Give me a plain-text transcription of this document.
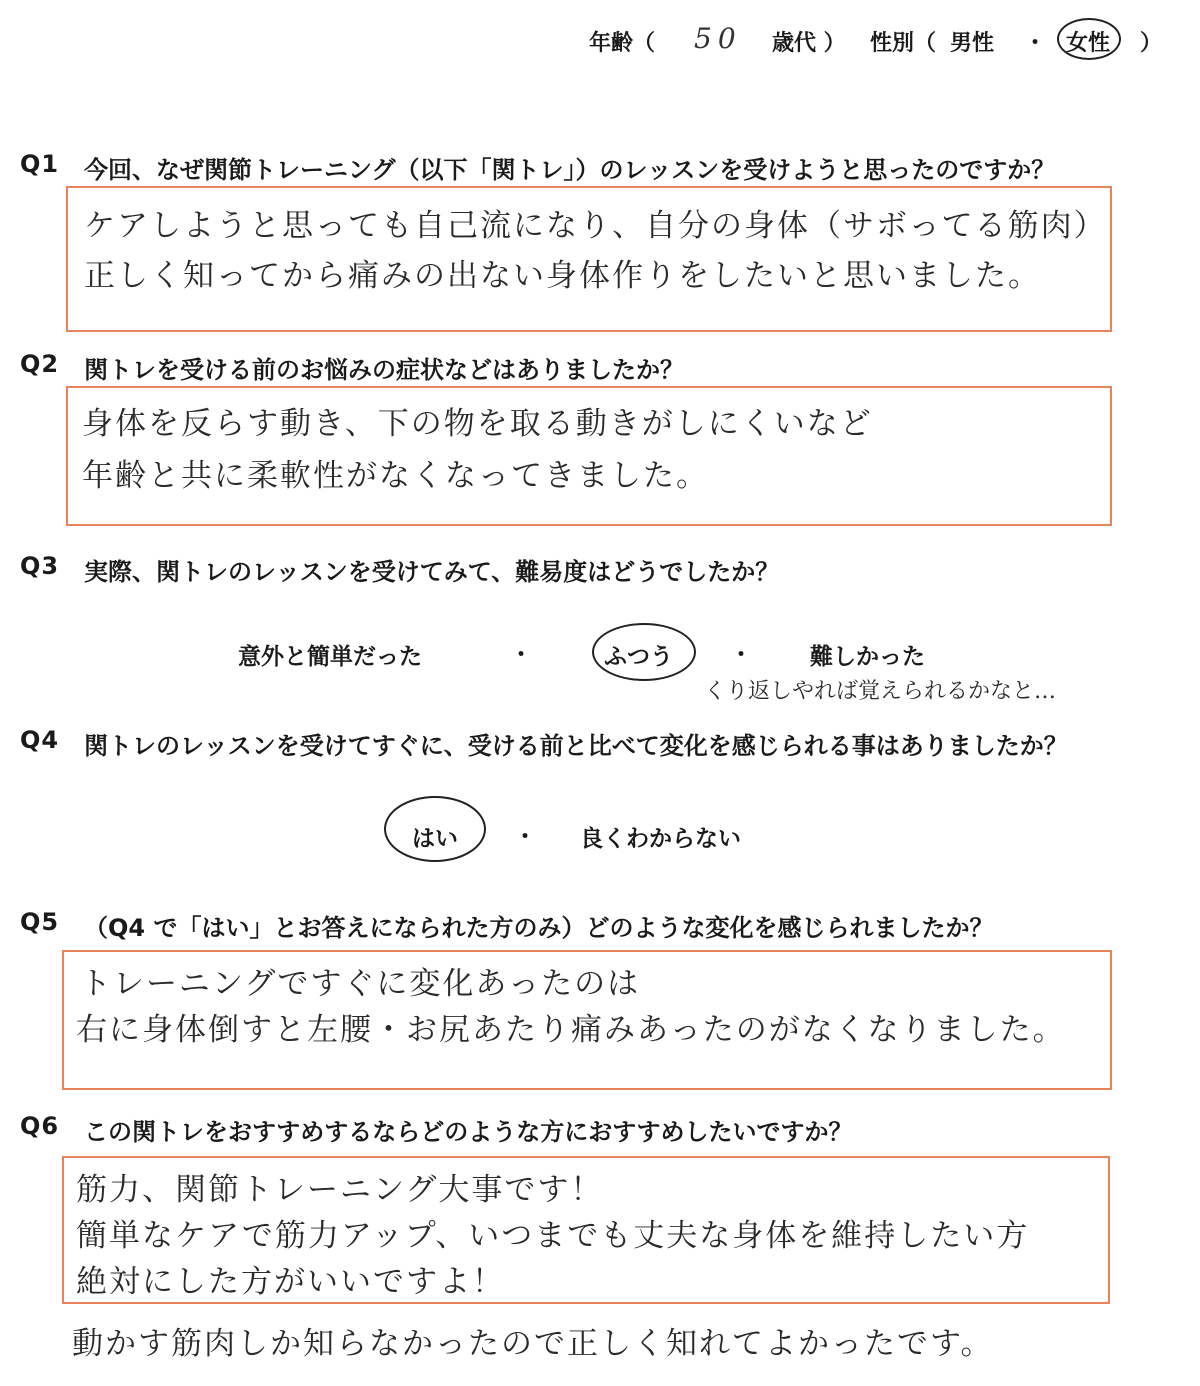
年齢（ 50 歳代 ） 性別（ 男性 ・ 女性 ）
Q1 今回、なぜ関節トレーニング（以下「関トレ」）のレッスンを受けようと思ったのですか？
ケアしようと思っても自己流になり、自分の身体（サボってる筋肉）
正しく知ってから痛みの出ない身体作りをしたいと思いました。
Q2 関トレを受ける前のお悩みの症状などはありましたか？
身体を反らす動き、下の物を取る動きがしにくいなど
年齢と共に柔軟性がなくなってきました。
Q3 実際、関トレのレッスンを受けてみて、難易度はどうでしたか？
意外と簡単だった	・	ふつう	・	難しかった
くり返しやれば覚えられるかなと…
Q4 関トレのレッスンを受けてすぐに、受ける前と比べて変化を感じられる事はありましたか？
はい	・ 良くわからない
Q5 （Q4 で「はい」とお答えになられた方のみ）どのような変化を感じられましたか？
トレーニングですぐに変化あったのは
右に身体倒すと左腰・お尻あたり痛みあったのがなくなりました。
Q6 この関トレをおすすめするならどのような方におすすめしたいですか？
筋力、関節トレーニング大事です！
簡単なケアで筋力アップ、いつまでも丈夫な身体を維持したい方
絶対にした方がいいですよ！
動かす筋肉しか知らなかったので正しく知れてよかったです。
